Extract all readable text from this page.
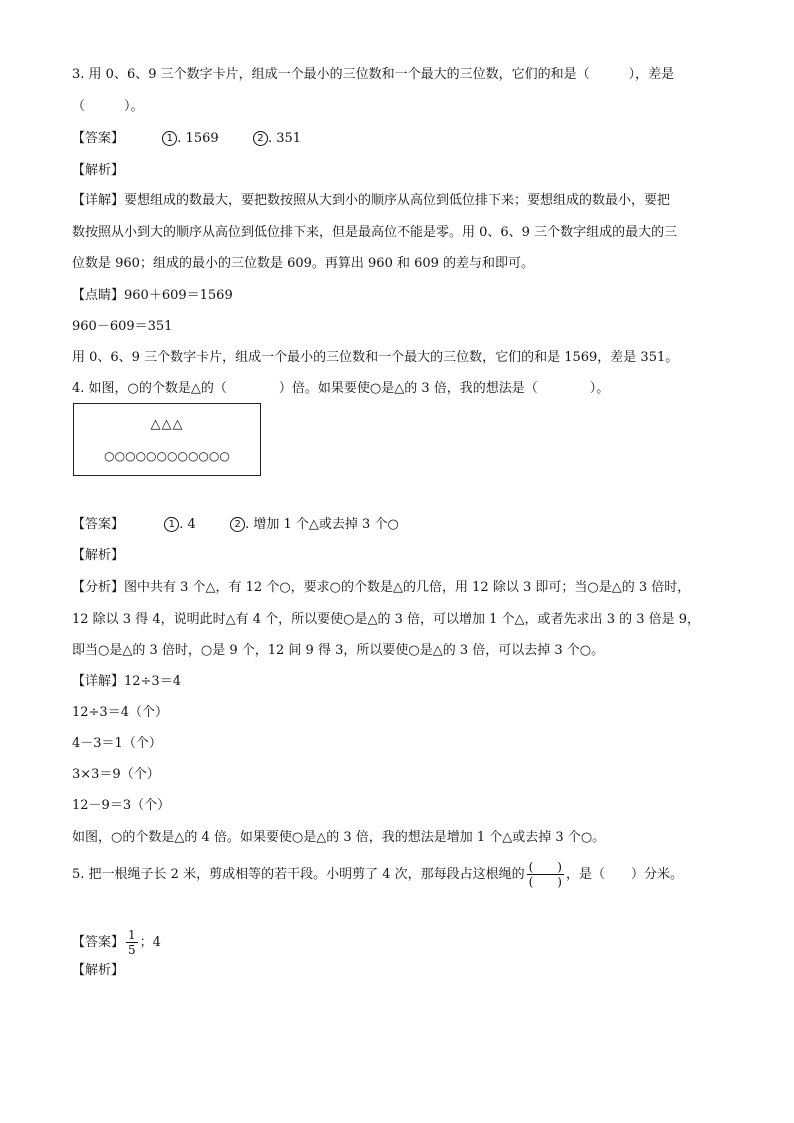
3. 用 0、6、9 三个数字卡片，组成一个最小的三位数和一个最大的三位数，它们的和是（　　　），差是
（　　　）。
【答案】	1 . 1569	2 . 351
【解析】
【详解】要想组成的数最大，要把数按照从大到小的顺序从高位到低位排下来；要想组成的数最小，要把
数按照从小到大的顺序从高位到低位排下来，但是最高位不能是零。用 0、6、9 三个数字组成的最大的三
位数是 960；组成的最小的三位数是 609。再算出 960 和 609 的差与和即可。
【点睛】960＋609＝1569
960－609＝351
用 0、6、9 三个数字卡片，组成一个最小的三位数和一个最大的三位数，它们的和是 1569，差是 351。
4. 如图，○的个数是△的（　　　　）倍。如果要使○是△的 3 倍，我的想法是（　　　　）。
△△△
○○○○○○○○○○○○
【答案】	1 . 4	2 . 增加 1 个△或去掉 3 个○
【解析】
【分析】图中共有 3 个△，有 12 个○，要求○的个数是△的几倍，用 12 除以 3 即可；当○是△的 3 倍时，
12 除以 3 得 4，说明此时△有 4 个，所以要使○是△的 3 倍，可以增加 1 个△，或者先求出 3 的 3 倍是 9，
即当○是△的 3 倍时，○是 9 个，12 间 9 得 3，所以要使○是△的 3 倍，可以去掉 3 个○。
【详解】12÷3＝4
12÷3＝4（个）
4－3＝1（个）
3×3＝9（个）
12－9＝3（个）
如图，○的个数是△的 4 倍。如果要使○是△的 3 倍，我的想法是增加 1 个△或去掉 3 个○。
5. 把一根绳子长 2 米，剪成相等的若干段。小明剪了 4 次，那每段占这根绳的 $\frac{( )}{( )}$ ，是（　　）分米。
【答案】 $\frac{1}{5}$ ；4
【解析】
